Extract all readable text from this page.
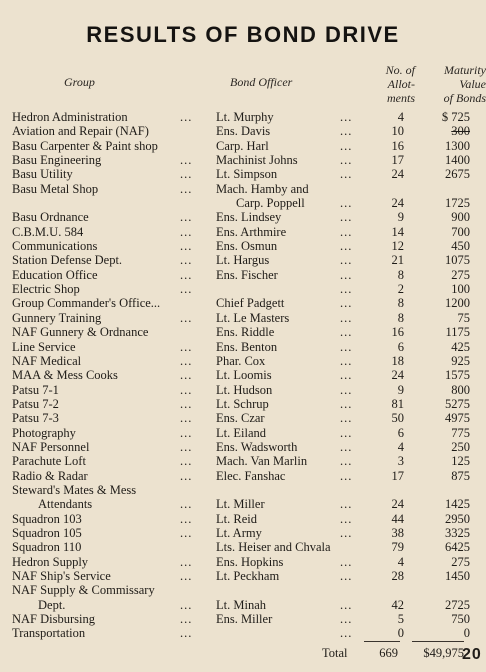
RESULTS OF BOND DRIVE
Group	Bond Officer
No. of
Allot-
ments
Maturity
Value
of Bonds
Hedron Administration	... Lt. Murphy	...	4	$ 725
Aviation and Repair (NAF)	Ens. Davis	...	10	300
Basu Carpenter & Paint shop	Carp. Harl	...	16	1300
Basu Engineering	... Machinist Johns	...	17	1400
Basu Utility	... Lt. Simpson	...	24	2675
Basu Metal Shop	... Mach. Hamby and
Carp. Poppell	...	24	1725
Basu Ordnance	... Ens. Lindsey	...	9	900
C.B.M.U. 584	... Ens. Arthmire	...	14	700
Communications	... Ens. Osmun	...	12	450
Station Defense Dept.	... Lt. Hargus	...	21	1075
Education Office	... Ens. Fischer	...	8	275
Electric Shop	...	...	2	100
Group Commander's Office...	Chief Padgett	...	8	1200
Gunnery Training	... Lt. Le Masters	...	8	75
NAF Gunnery & Ordnance	Ens. Riddle	...	16	1175
Line Service	... Ens. Benton	...	6	425
NAF Medical	... Phar. Cox	...	18	925
MAA & Mess Cooks	... Lt. Loomis	...	24	1575
Patsu 7-1	... Lt. Hudson	...	9	800
Patsu 7-2	... Lt. Schrup	...	81	5275
Patsu 7-3	... Ens. Czar	...	50	4975
Photography	... Lt. Eiland	...	6	775
NAF Personnel	... Ens. Wadsworth	...	4	250
Parachute Loft	... Mach. Van Marlin	...	3	125
Radio & Radar	... Elec. Fanshac	...	17	875
Steward's Mates & Mess
Attendants	... Lt. Miller	...	24	1425
Squadron 103	... Lt. Reid	...	44	2950
Squadron 105	... Lt. Army	...	38	3325
Squadron 110	Lts. Heiser and Chvala	79	6425
Hedron Supply	... Ens. Hopkins	...	4	275
NAF Ship's Service	... Lt. Peckham	...	28	1450
NAF Supply & Commissary
Dept.	... Lt. Minah	...	42	2725
NAF Disbursing	... Ens. Miller	...	5	750
Transportation	...	...	0	0
Total	669	$49,975
20
